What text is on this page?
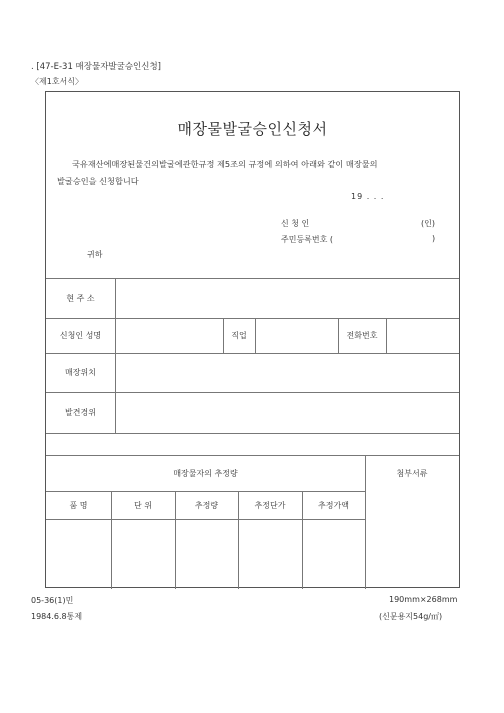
. [47-E-31 매장물자발굴승인신청]
〈제1호서식〉
매장물발굴승인신청서
국유재산에매장된물건의발굴에관한규정 제5조의 규정에 의하여 아래와 같이 매장물의
발굴승인을 신청합니다
19 . . .
신 청 인	(인)
주민등록번호 (	)
귀하
현 주 소
신청인 성명	직업	전화번호
매장위치
발견경위
매장물자의 추정량	첨부서류
품 명	단 위	추정량	추정단가	추정가액
05-36(1)민
1984.6.8통제
190mm×268mm
(신문용지54g/㎡)
